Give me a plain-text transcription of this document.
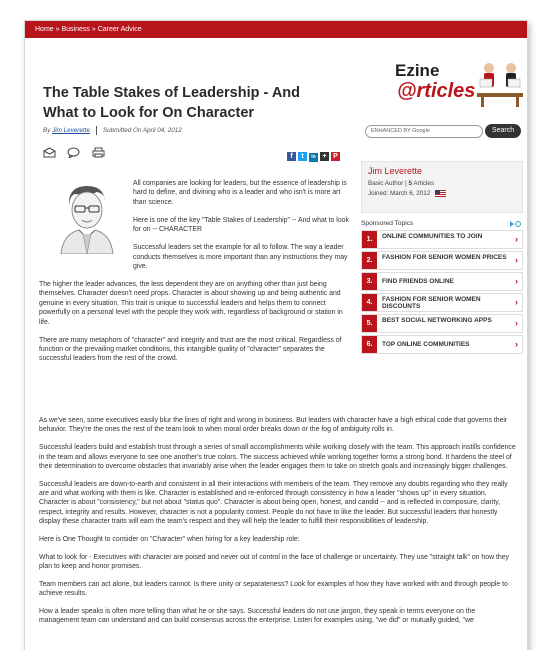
Home » Business » Career Advice
Ezine
@rticles
ENHANCED BY Google	Search
The Table Stakes of Leadership - And What to Look for On Character
By Jim Leverette Submitted On April 04, 2012

f t in + P

All companies are looking for leaders, but the essence of leadership is hard to define, and divining who is a leader and who isn't is more art than science.

Here is one of the key "Table Stakes of Leadership" -- And what to look for on -- CHARACTER

Successful leaders set the example for all to follow. The way a leader conducts themselves is more important than any instructions they may give.

The higher the leader advances, the less dependent they are on anything other than just being themselves. Character doesn't need props. Character is about showing up and being authentic and genuine in every situation. This trait is unique to successful leaders and helps them to connect powerfully on a personal level with the people they work with, regardless of background or station in life.

There are many metaphors of "character" and integrity and trust are the most critical. Regardless of function or the prevailing market conditions, this intangible quality of "character" separates the successful leaders from the rest of the crowd.

Jim Leverette
Basic Author | 5 Articles
Joined: March 6, 2012
Sponsored Topics
1.	ONLINE COMMUNITIES TO JOIN	›
2.	FASHION FOR SENIOR WOMEN PRICES ›
3.	FIND FRIENDS ONLINE	›
4.	FASHION FOR SENIOR WOMEN DISCOUNTS	›
5.	BEST SOCIAL NETWORKING APPS	›
6.	TOP ONLINE COMMUNITIES	›

As we've seen, some executives easily blur the lines of right and wrong in business. But leaders with character have a high ethical code that governs their behavior. They're the ones the rest of the team look to when moral order breaks down or the fog of ambiguity rolls in.

Successful leaders build and establish trust through a series of small accomplishments while working closely with the team. This approach instills confidence in the team and allows everyone to see one another's true colors. The success achieved while working together forms a strong bond. It hardens the steel of their determination to overcome obstacles that invariably arise when the leader engages them to take on stretch goals and increasingly bigger challenges.

Successful leaders are down-to-earth and consistent in all their interactions with members of the team. They remove any doubts regarding who they really are and what working with them is like. Character is established and re-enforced through consistency in how a leader "shows up" in every situation. Character is about "consistency," but not about "status quo". Character is about being open, honest, and candid -- and is reflected in composure, clarity, respect, integrity and results. However, character is not a popularity contest. People do not have to like the leader. But successful leaders that honestly display these character traits will earn the team's respect and they will help the leader to fulfill their responsibilities of leadership.

Here is One Thought to consider on "Character" when hiring for a key leadership role:

What to look for - Executives with character are poised and never out of control in the face of challenge or uncertainty. They use "straight talk" on how they plan to keep and honor promises.

Team members can act alone, but leaders cannot. Is there unity or separateness? Look for examples of how they have worked with and through people to achieve results.

How a leader speaks is often more telling than what he or she says. Successful leaders do not use jargon, they speak in terms everyone on the management team can understand and can build consensus across the enterprise. Listen for examples using, "we did" or mutually guided, "we
